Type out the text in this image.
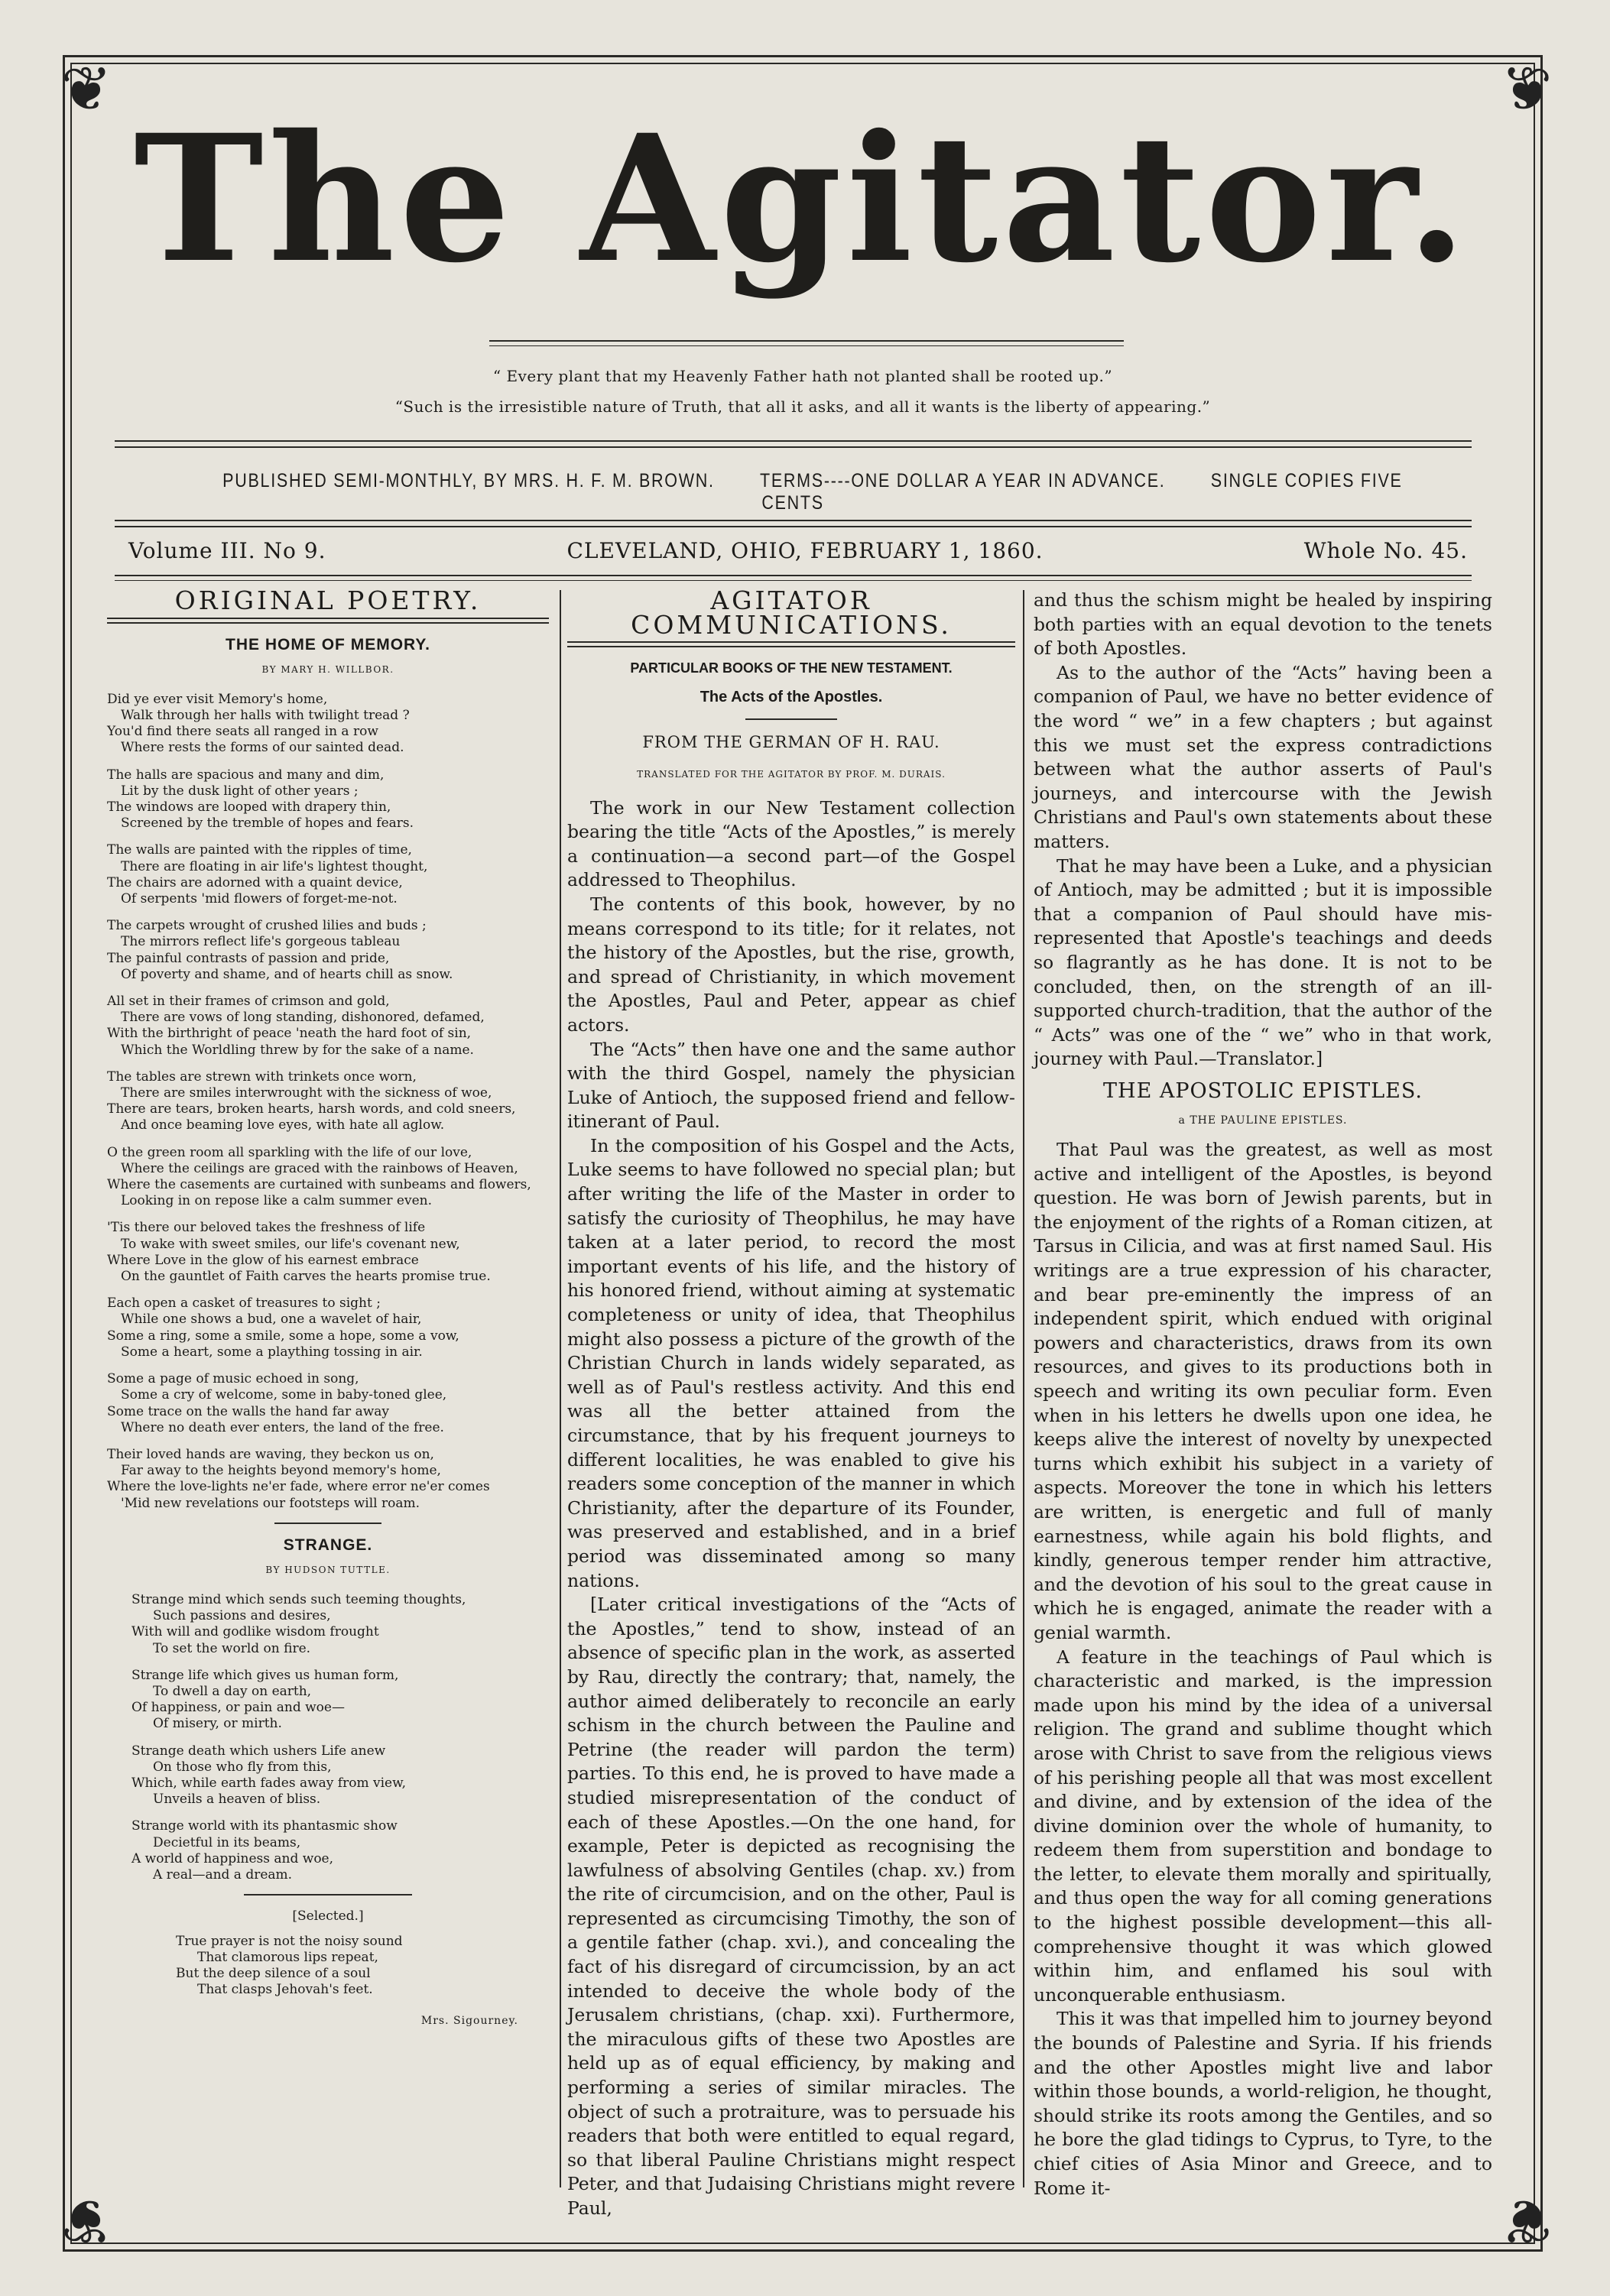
❦	❦
❦	❦
The Agitator.
“ Every plant that my Heavenly Father hath not planted shall be rooted up.”
“Such is the irresistible nature of Truth, that all it asks, and all it wants is the liberty of appearing.”
PUBLISHED SEMI-MONTHLY, BY MRS. H. F. M. BROWN. TERMS----ONE DOLLAR A YEAR IN ADVANCE. SINGLE COPIES FIVE CENTS
Volume III. No 9.	CLEVELAND, OHIO, FEBRUARY 1, 1860.	Whole No. 45.
ORIGINAL POETRY.
THE HOME OF MEMORY.
BY MARY H. WILLBOR.
Did ye ever visit Memory's home,
Walk through her halls with twilight tread ?
You'd find there seats all ranged in a row
Where rests the forms of our sainted dead.
The halls are spacious and many and dim,
Lit by the dusk light of other years ;
The windows are looped with drapery thin,
Screened by the tremble of hopes and fears.
The walls are painted with the ripples of time,
There are floating in air life's lightest thought,
The chairs are adorned with a quaint device,
Of serpents 'mid flowers of forget-me-not.
The carpets wrought of crushed lilies and buds ;
The mirrors reflect life's gorgeous tableau
The painful contrasts of passion and pride,
Of poverty and shame, and of hearts chill as snow.
All set in their frames of crimson and gold,
There are vows of long standing, dishonored, defamed,
With the birthright of peace 'neath the hard foot of sin,
Which the Worldling threw by for the sake of a name.
The tables are strewn with trinkets once worn,
There are smiles interwrought with the sickness of woe,
There are tears, broken hearts, harsh words, and cold sneers,
And once beaming love eyes, with hate all aglow.
O the green room all sparkling with the life of our love,
Where the ceilings are graced with the rainbows of Heaven,
Where the casements are curtained with sunbeams and flowers,
Looking in on repose like a calm summer even.
'Tis there our beloved takes the freshness of life
To wake with sweet smiles, our life's covenant new,
Where Love in the glow of his earnest embrace
On the gauntlet of Faith carves the hearts promise true.
Each open a casket of treasures to sight ;
While one shows a bud, one a wavelet of hair,
Some a ring, some a smile, some a hope, some a vow,
Some a heart, some a plaything tossing in air.
Some a page of music echoed in song,
Some a cry of welcome, some in baby-toned glee,
Some trace on the walls the hand far away
Where no death ever enters, the land of the free.
Their loved hands are waving, they beckon us on,
Far away to the heights beyond memory's home,
Where the love-lights ne'er fade, where error ne'er comes
'Mid new revelations our footsteps will roam.
STRANGE.
BY HUDSON TUTTLE.
Strange mind which sends such teeming thoughts,
Such passions and desires,
With will and godlike wisdom frought
To set the world on fire.
Strange life which gives us human form,
To dwell a day on earth,
Of happiness, or pain and woe—
Of misery, or mirth.
Strange death which ushers Life anew
On those who fly from this,
Which, while earth fades away from view,
Unveils a heaven of bliss.
Strange world with its phantasmic show
Decietful in its beams,
A world of happiness and woe,
A real—and a dream.
[Selected.]
True prayer is not the noisy sound
That clamorous lips repeat,
But the deep silence of a soul
That clasps Jehovah's feet.
Mrs. Sigourney.
AGITATOR COMMUNICATIONS.
PARTICULAR BOOKS OF THE NEW TESTAMENT.
The Acts of the Apostles.
FROM THE GERMAN OF H. RAU.
TRANSLATED FOR THE AGITATOR BY PROF. M. DURAIS.

The work in our New Testament collection bearing the title “Acts of the Apostles,” is merely a continuation—a second part—of the Gospel addressed to Theophilus.

The contents of this book, however, by no means correspond to its title; for it relates, not the history of the Apostles, but the rise, growth, and spread of Christianity, in which movement the Apostles, Paul and Peter, appear as chief actors.

The “Acts” then have one and the same author with the third Gospel, namely the physician Luke of Antioch, the supposed friend and fellow-itinerant of Paul.

In the composition of his Gospel and the Acts, Luke seems to have followed no special plan; but after writing the life of the Master in order to satisfy the curiosity of Theophilus, he may have taken at a later period, to record the most important events of his life, and the history of his honored friend, without aiming at systematic completeness or unity of idea, that Theophilus might also possess a picture of the growth of the Christian Church in lands widely separated, as well as of Paul's restless activity. And this end was all the better attained from the circumstance, that by his frequent journeys to different localities, he was enabled to give his readers some conception of the manner in which Christianity, after the departure of its Founder, was preserved and established, and in a brief period was disseminated among so many nations.

[Later critical investigations of the “Acts of the Apostles,” tend to show, instead of an absence of specific plan in the work, as asserted by Rau, directly the contrary; that, namely, the author aimed deliberately to reconcile an early schism in the church between the Pauline and Petrine (the reader will pardon the term) parties. To this end, he is proved to have made a studied misrepresentation of the conduct of each of these Apostles.—On the one hand, for example, Peter is depicted as recognising the lawfulness of absolving Gentiles (chap. xv.) from the rite of circumcision, and on the other, Paul is represented as circumcising Timothy, the son of a gentile father (chap. xvi.), and concealing the fact of his disregard of circumcission, by an act intended to deceive the whole body of the Jerusalem christians, (chap. xxi). Furthermore, the miraculous gifts of these two Apostles are held up as of equal efficiency, by making and performing a series of similar miracles. The object of such a protraiture, was to persuade his readers that both were entitled to equal regard, so that liberal Pauline Christians might respect Peter, and that Judaising Christians might revere Paul,

and thus the schism might be healed by inspiring both parties with an equal devotion to the tenets of both Apostles.

As to the author of the “Acts” having been a companion of Paul, we have no better evidence of the word “ we” in a few chapters ; but against this we must set the express contradictions between what the author asserts of Paul's journeys, and intercourse with the Jewish Christians and Paul's own statements about these matters.

That he may have been a Luke, and a physician of Antioch, may be admitted ; but it is impossible that a companion of Paul should have mis-represented that Apostle's teachings and deeds so flagrantly as he has done. It is not to be concluded, then, on the strength of an ill-supported church-tradition, that the author of the “ Acts” was one of the “ we” who in that work, journey with Paul.—Translator.]

THE APOSTOLIC EPISTLES.
a THE PAULINE EPISTLES.

That Paul was the greatest, as well as most active and intelligent of the Apostles, is beyond question. He was born of Jewish parents, but in the enjoyment of the rights of a Roman citizen, at Tarsus in Cilicia, and was at first named Saul. His writings are a true expression of his character, and bear pre-eminently the impress of an independent spirit, which endued with original powers and characteristics, draws from its own resources, and gives to its productions both in speech and writing its own peculiar form. Even when in his letters he dwells upon one idea, he keeps alive the interest of novelty by unexpected turns which exhibit his subject in a variety of aspects. Moreover the tone in which his letters are written, is energetic and full of manly earnestness, while again his bold flights, and kindly, generous temper render him attractive, and the devotion of his soul to the great cause in which he is engaged, animate the reader with a genial warmth.

A feature in the teachings of Paul which is characteristic and marked, is the impression made upon his mind by the idea of a universal religion. The grand and sublime thought which arose with Christ to save from the religious views of his perishing people all that was most excellent and divine, and by extension of the idea of the divine dominion over the whole of humanity, to redeem them from superstition and bondage to the letter, to elevate them morally and spiritually, and thus open the way for all coming generations to the highest possible development—this all-comprehensive thought it was which glowed within him, and enflamed his soul with unconquerable enthusiasm.

This it was that impelled him to journey beyond the bounds of Palestine and Syria. If his friends and the other Apostles might live and labor within those bounds, a world-religion, he thought, should strike its roots among the Gentiles, and so he bore the glad tidings to Cyprus, to Tyre, to the chief cities of Asia Minor and Greece, and to Rome it-
